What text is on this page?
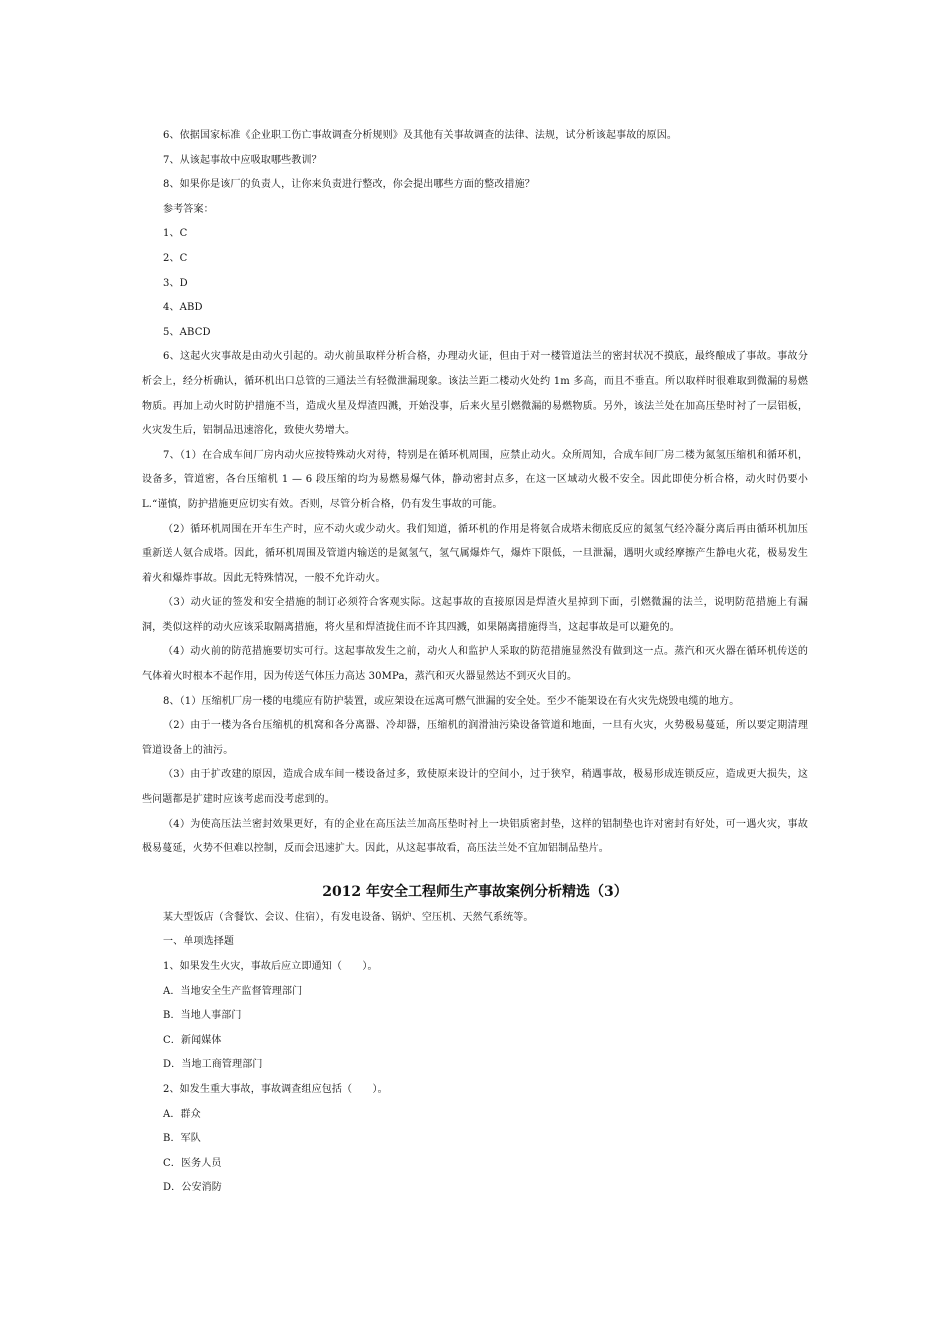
6、依据国家标准《企业职工伤亡事故调查分析规则》及其他有关事故调查的法律、法规，试分析该起事故的原因。

7、从该起事故中应吸取哪些教训？

8、如果你是该厂的负责人，让你来负责进行整改，你会提出哪些方面的整改措施？

参考答案：

1、C

2、C

3、D

4、ABD

5、ABCD

6、这起火灾事故是由动火引起的。动火前虽取样分析合格，办理动火证，但由于对一楼管道法兰的密封状况不摸底，最终酿成了事故。事故分析会上，经分析确认，循环机出口总管的三通法兰有轻微泄漏现象。该法兰距二楼动火处约 1m 多高，而且不垂直。所以取样时很难取到微漏的易燃物质。再加上动火时防护措施不当，造成火星及焊渣四溅，开始没事，后来火星引燃微漏的易燃物质。另外，该法兰处在加高压垫时衬了一层铝板，火灾发生后，铝制品迅速溶化，致使火势增大。

7、（1）在合成车间厂房内动火应按特殊动火对待，特别是在循环机周围，应禁止动火。众所周知，合成车间厂房二楼为氮氢压缩机和循环机，设备多，管道密，各台压缩机 1 — 6 段压缩的均为易燃易爆气体，静动密封点多，在这一区域动火极不安全。因此即使分析合格，动火时仍要小 L.“谨慎，防护措施更应切实有效。否则，尽管分析合格，仍有发生事故的可能。

（2）循环机周围在开车生产时，应不动火或少动火。我们知道，循环机的作用是将氨合成塔未彻底反应的氮氢气经冷凝分离后再由循环机加压重新送人氨合成塔。因此，循环机周围及管道内输送的是氮氢气，氢气属爆炸气，爆炸下限低，一旦泄漏，遇明火或经摩擦产生静电火花，极易发生着火和爆炸事故。因此无特殊情况，一般不允许动火。

（3）动火证的签发和安全措施的制订必须符合客观实际。这起事故的直接原因是焊渣火星掉到下面，引燃微漏的法兰，说明防范措施上有漏洞，类似这样的动火应该采取隔离措施，将火星和焊渣拢住而不许其四溅，如果隔离措施得当，这起事故是可以避免的。

（4）动火前的防范措施要切实可行。这起事故发生之前，动火人和监护人采取的防范措施显然没有做到这一点。蒸汽和灭火器在循环机传送的气体着火时根本不起作用，因为传送气体压力高达 30MPa，蒸汽和灭火器显然达不到灭火目的。

8、（1）压缩机厂房一楼的电缆应有防护装置，或应架设在远离可燃气泄漏的安全处。至少不能架设在有火灾先烧毁电缆的地方。

（2）由于一楼为各台压缩机的机窝和各分离器、冷却器，压缩机的润滑油污染设备管道和地面，一旦有火灾，火势极易蔓延，所以要定期清理管道设备上的油污。

（3）由于扩改建的原因，造成合成车间一楼设备过多，致使原来设计的空间小，过于狭窄，稍遇事故，极易形成连锁反应，造成更大损失，这些问题都是扩建时应该考虑而没考虑到的。

（4）为使高压法兰密封效果更好，有的企业在高压法兰加高压垫时衬上一块铝质密封垫，这样的铝制垫也许对密封有好处，可一遇火灾，事故极易蔓延，火势不但难以控制，反而会迅速扩大。因此，从这起事故看，高压法兰处不宜加铝制品垫片。

2012 年安全工程师生产事故案例分析精选（3）

某大型饭店（含餐饮、会议、住宿），有发电设备、锅炉、空压机、天然气系统等。

一、单项选择题

1、如果发生火灾，事故后应立即通知（　　）。

A．当地安全生产监督管理部门

B．当地人事部门

C．新闻媒体

D．当地工商管理部门

2、如发生重大事故，事故调查组应包括（　　）。

A．群众

B．军队

C．医务人员

D．公安消防
